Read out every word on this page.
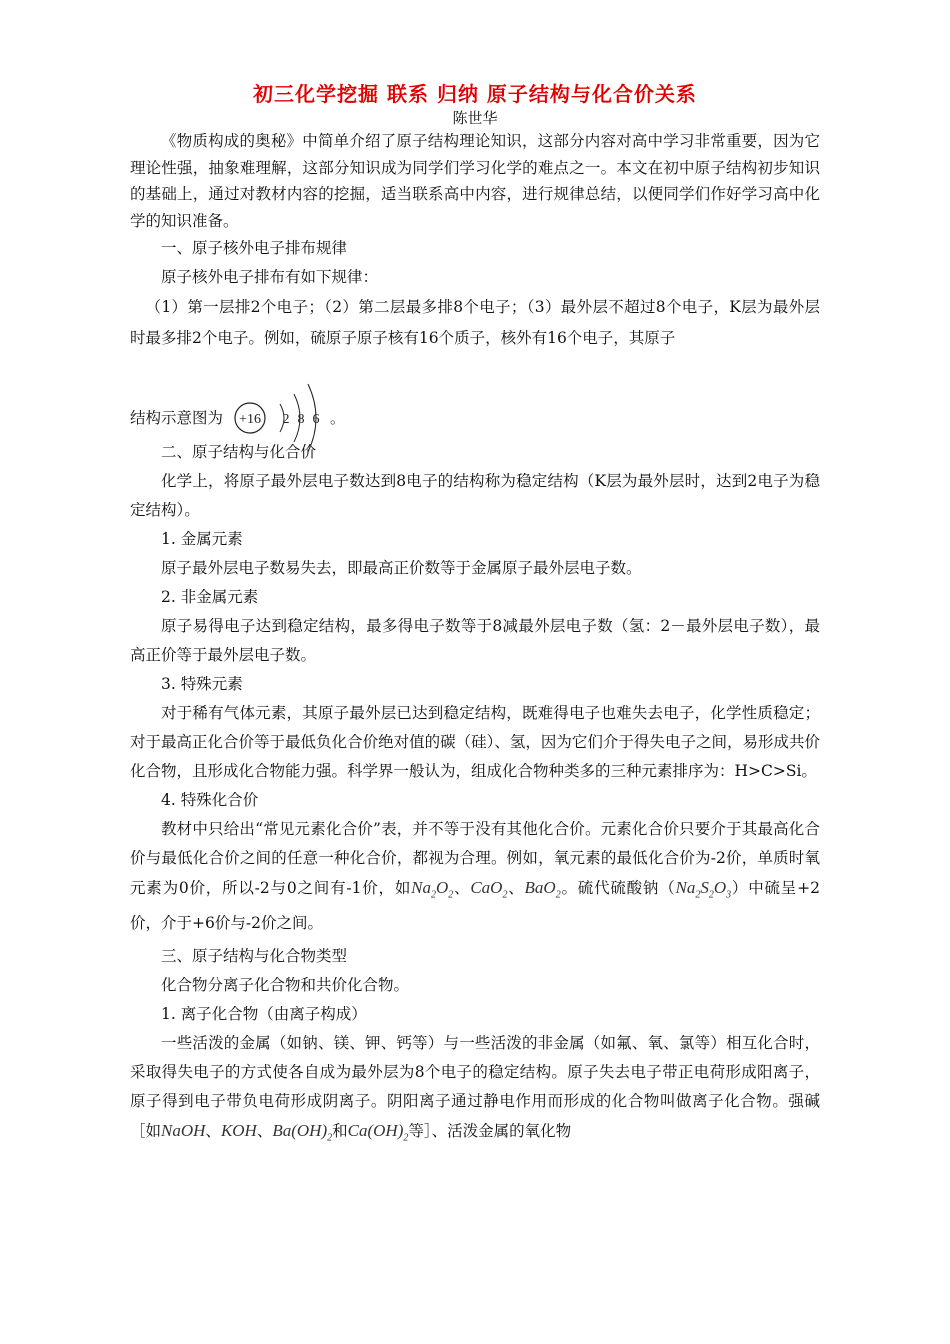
初三化学挖掘 联系 归纳 原子结构与化合价关系
陈世华

《物质构成的奥秘》中简单介绍了原子结构理论知识，这部分内容对高中学习非常重要，因为它理论性强，抽象难理解，这部分知识成为同学们学习化学的难点之一。本文在初中原子结构初步知识的基础上，通过对教材内容的挖掘，适当联系高中内容，进行规律总结，以便同学们作好学习高中化学的知识准备。

一、原子核外电子排布规律

原子核外电子排布有如下规律：

（1）第一层排2个电子；（2）第二层最多排8个电子；（3）最外层不超过8个电子，K层为最外层时最多排2个电子。例如，硫原子原子核有16个质子，核外有16个电子，其原子

结构示意图为 +16 2 8 6 。

二、原子结构与化合价

化学上，将原子最外层电子数达到8电子的结构称为稳定结构（K层为最外层时，达到2电子为稳定结构）。

1. 金属元素

原子最外层电子数易失去，即最高正价数等于金属原子最外层电子数。

2. 非金属元素

原子易得电子达到稳定结构，最多得电子数等于8减最外层电子数（氢：2－最外层电子数），最高正价等于最外层电子数。

3. 特殊元素

对于稀有气体元素，其原子最外层已达到稳定结构，既难得电子也难失去电子，化学性质稳定；对于最高正化合价等于最低负化合价绝对值的碳（硅）、氢，因为它们介于得失电子之间，易形成共价化合物，且形成化合物能力强。科学界一般认为，组成化合物种类多的三种元素排序为：H>C>Si。

4. 特殊化合价

教材中只给出“常见元素化合价”表，并不等于没有其他化合价。元素化合价只要介于其最高化合价与最低化合价之间的任意一种化合价，都视为合理。例如，氧元素的最低化合价为-2价，单质时氧元素为0价，所以-2与0之间有-1价，如$Na_2O_2$、CaO$_2$、BaO$_2$。硫代硫酸钠$(Na_2S_2O_3)$中硫呈+2价，介于+6价与-2价之间。

三、原子结构与化合物类型

化合物分离子化合物和共价化合物。

1. 离子化合物（由离子构成）

一些活泼的金属（如钠、镁、钾、钙等）与一些活泼的非金属（如氟、氧、氯等）相互化合时，采取得失电子的方式使各自成为最外层为8个电子的稳定结构。原子失去电子带正电荷形成阳离子，原子得到电子带负电荷形成阴离子。阴阳离子通过静电作用而形成的化合物叫做离子化合物。强碱［如NaOH、KOH、$Ba(OH)_2$和$Ca(OH)_2$等］、活泼金属的氧化物
